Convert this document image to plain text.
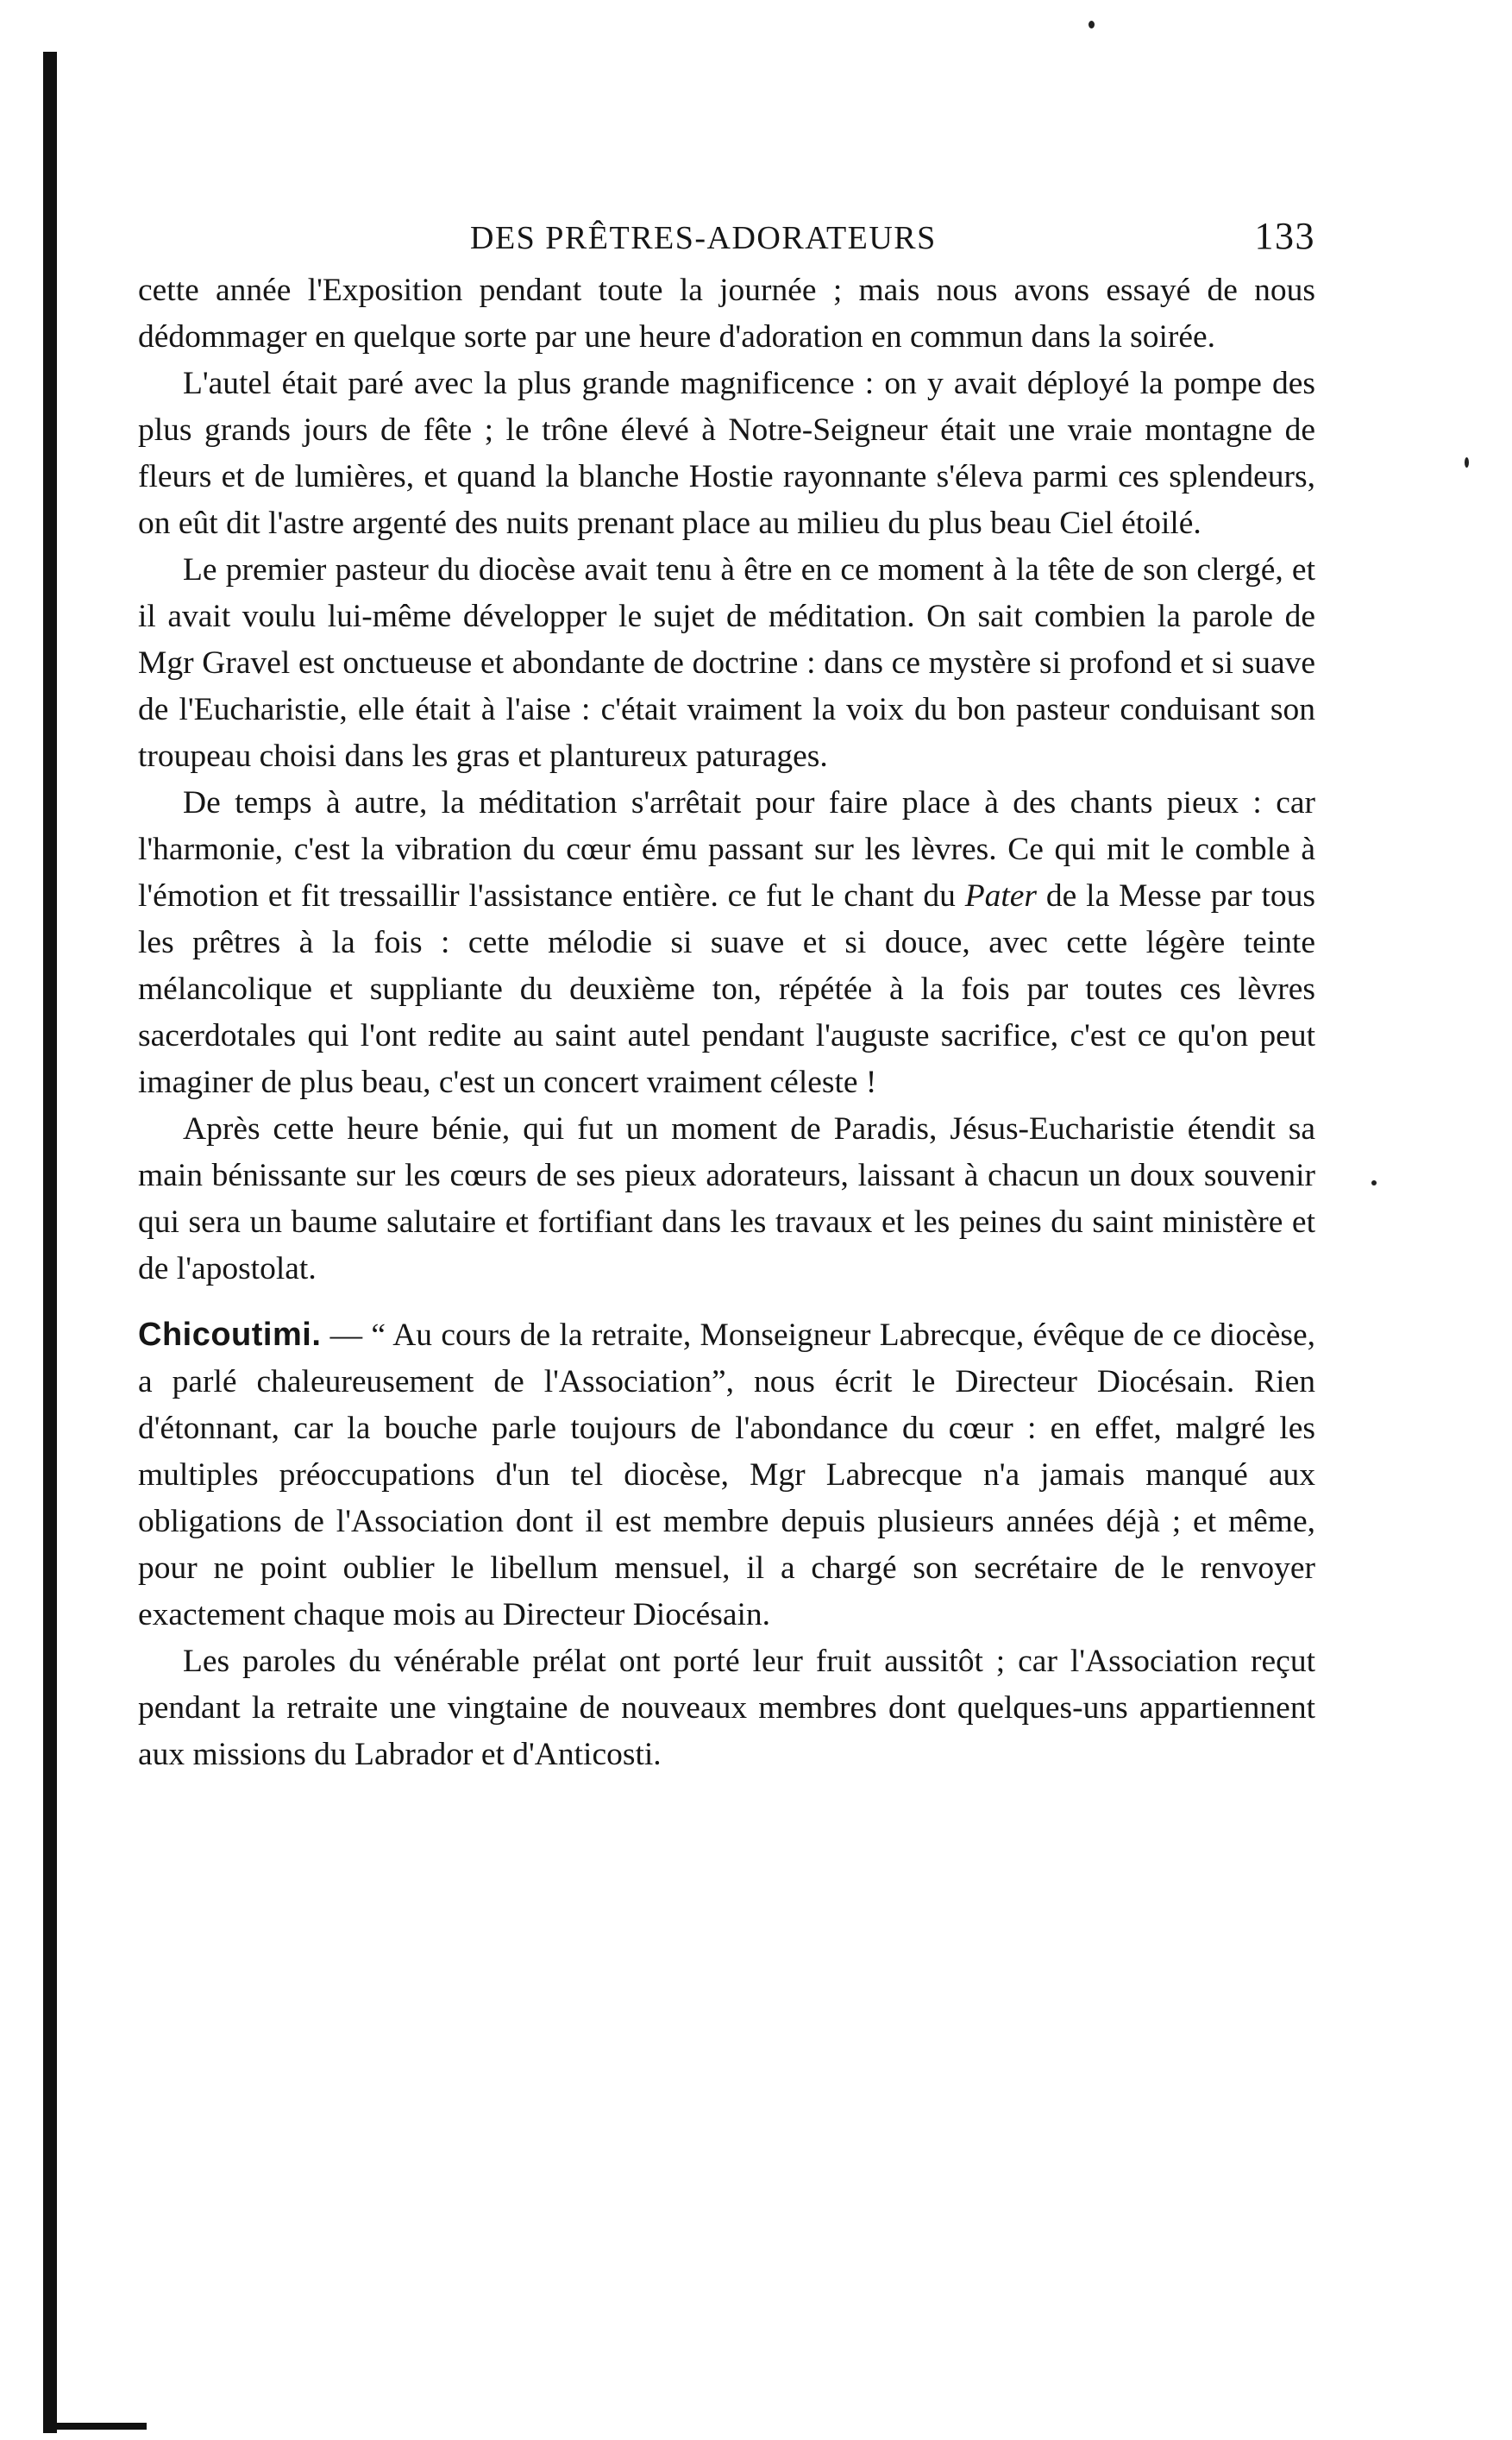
DES PRÊTRES-ADORATEURS	133

cette année l'Exposition pendant toute la journée ; mais nous avons essayé de nous dédommager en quelque sorte par une heure d'adoration en commun dans la soirée.

L'autel était paré avec la plus grande magnificence : on y avait déployé la pompe des plus grands jours de fête ; le trône élevé à Notre-Seigneur était une vraie montagne de fleurs et de lumières, et quand la blanche Hostie rayonnante s'éleva parmi ces splendeurs, on eût dit l'astre argenté des nuits prenant place au milieu du plus beau Ciel étoilé.

Le premier pasteur du diocèse avait tenu à être en ce moment à la tête de son clergé, et il avait voulu lui-même développer le sujet de méditation. On sait combien la parole de Mgr Gravel est onctueuse et abondante de doctrine : dans ce mystère si profond et si suave de l'Eucharistie, elle était à l'aise : c'était vraiment la voix du bon pasteur conduisant son troupeau choisi dans les gras et plantureux paturages.

De temps à autre, la méditation s'arrêtait pour faire place à des chants pieux : car l'harmonie, c'est la vibration du cœur ému passant sur les lèvres. Ce qui mit le comble à l'émotion et fit tressaillir l'assistance entière. ce fut le chant du Pater de la Messe par tous les prêtres à la fois : cette mélodie si suave et si douce, avec cette légère teinte mélancolique et suppliante du deuxième ton, répétée à la fois par toutes ces lèvres sacerdotales qui l'ont redite au saint autel pendant l'auguste sacrifice, c'est ce qu'on peut imaginer de plus beau, c'est un concert vraiment céleste !

Après cette heure bénie, qui fut un moment de Paradis, Jésus-Eucharistie étendit sa main bénissante sur les cœurs de ses pieux adorateurs, laissant à chacun un doux souvenir qui sera un baume salutaire et fortifiant dans les travaux et les peines du saint ministère et de l'apostolat.

Chicoutimi. — “ Au cours de la retraite, Monseigneur Labrecque, évêque de ce diocèse, a parlé chaleureusement de l'Association”, nous écrit le Directeur Diocésain. Rien d'étonnant, car la bouche parle toujours de l'abondance du cœur : en effet, malgré les multiples préoccupations d'un tel diocèse, Mgr Labrecque n'a jamais manqué aux obligations de l'Association dont il est membre depuis plusieurs années déjà ; et même, pour ne point oublier le libellum mensuel, il a chargé son secrétaire de le renvoyer exactement chaque mois au Directeur Diocésain.

Les paroles du vénérable prélat ont porté leur fruit aussitôt ; car l'Association reçut pendant la retraite une vingtaine de nouveaux membres dont quelques-uns appartiennent aux missions du Labrador et d'Anticosti.
